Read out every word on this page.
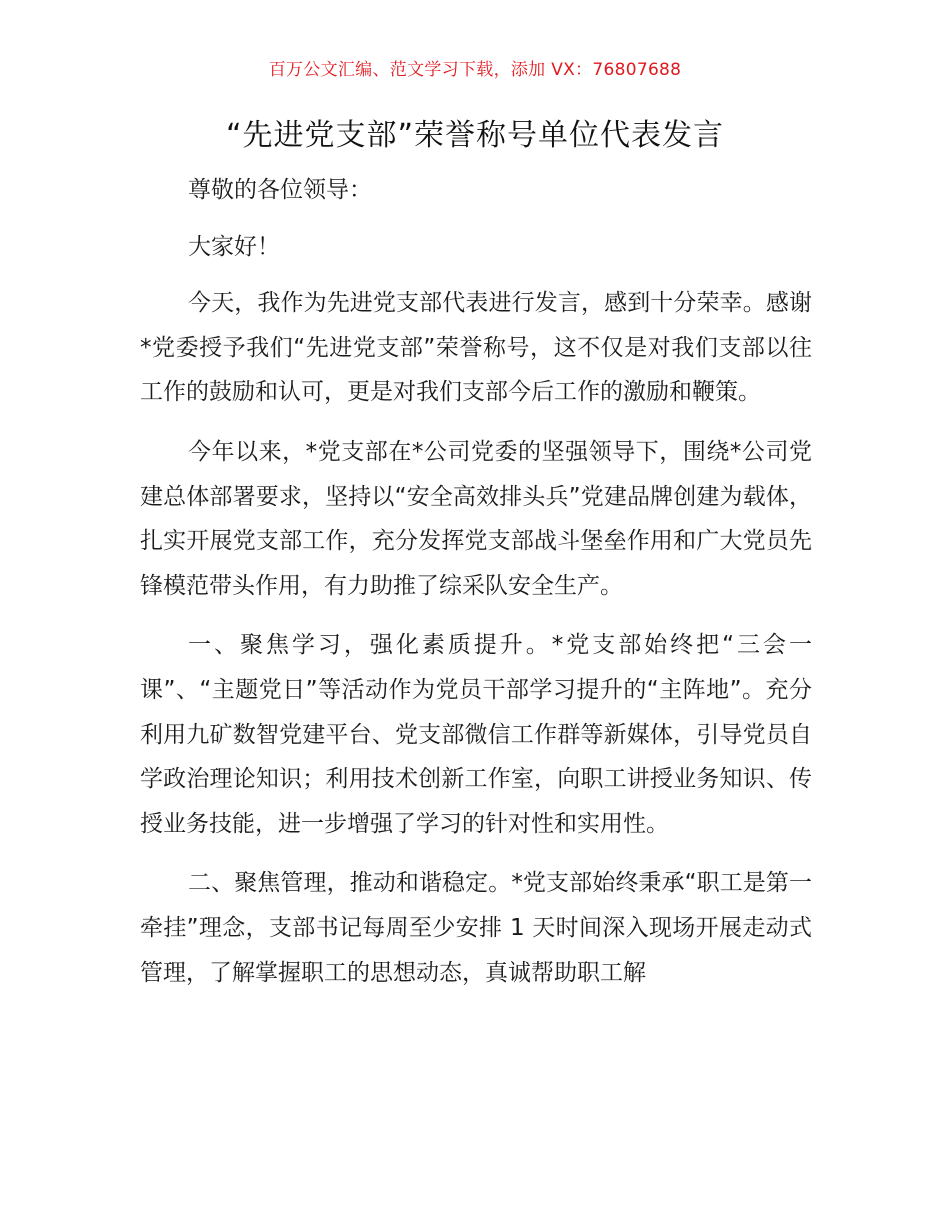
百万公文汇编、范文学习下载，添加 VX：76807688
“先进党支部”荣誉称号单位代表发言

尊敬的各位领导：

大家好！

今天，我作为先进党支部代表进行发言，感到十分荣幸。感谢*党委授予我们“先进党支部”荣誉称号，这不仅是对我们支部以往工作的鼓励和认可，更是对我们支部今后工作的激励和鞭策。

今年以来，*党支部在*公司党委的坚强领导下，围绕*公司党建总体部署要求，坚持以“安全高效排头兵”党建品牌创建为载体，扎实开展党支部工作，充分发挥党支部战斗堡垒作用和广大党员先锋模范带头作用，有力助推了综采队安全生产。

一、聚焦学习，强化素质提升。*党支部始终把“三会一课”、“主题党日”等活动作为党员干部学习提升的“主阵地”。充分利用九矿数智党建平台、党支部微信工作群等新媒体，引导党员自学政治理论知识；利用技术创新工作室，向职工讲授业务知识、传授业务技能，进一步增强了学习的针对性和实用性。

二、聚焦管理，推动和谐稳定。*党支部始终秉承“职工是第一牵挂”理念，支部书记每周至少安排 1 天时间深入现场开展走动式管理，了解掌握职工的思想动态，真诚帮助职工解
